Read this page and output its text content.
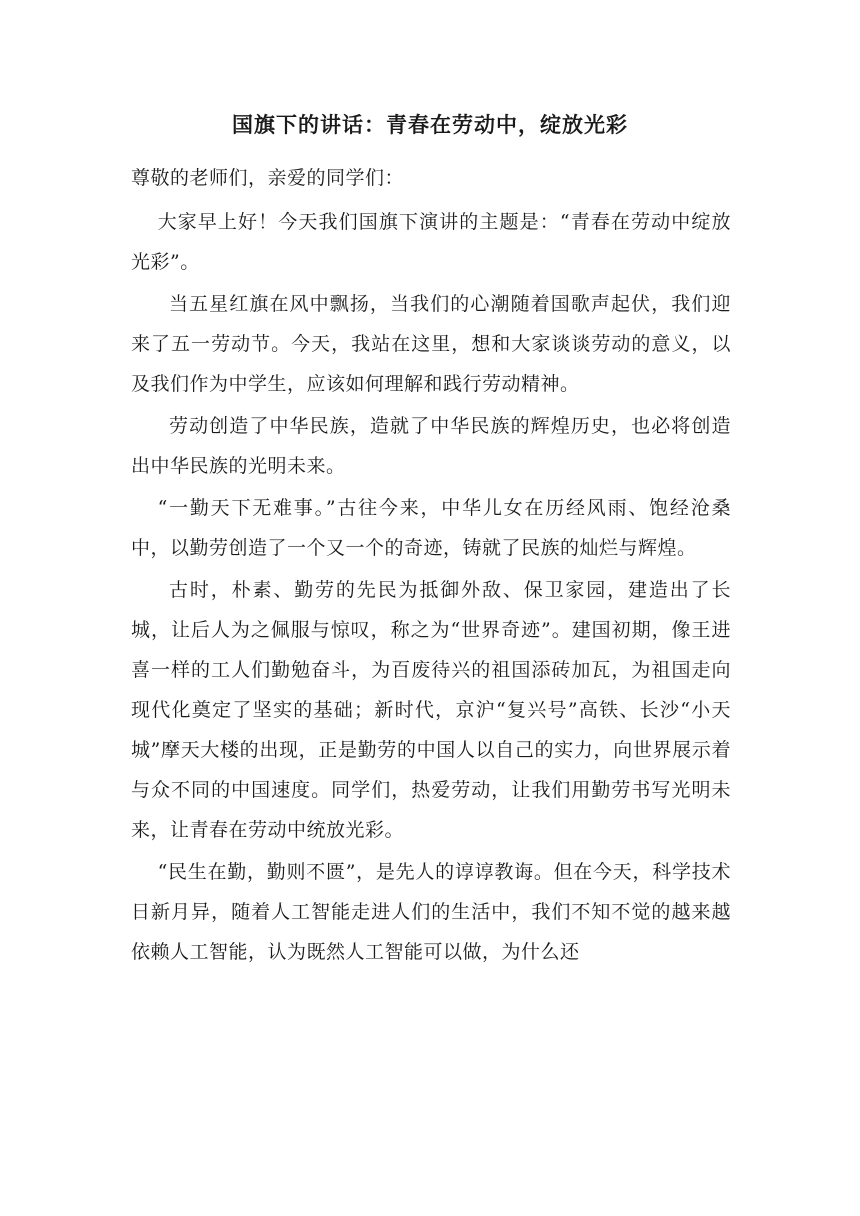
国旗下的讲话：青春在劳动中，绽放光彩

尊敬的老师们，亲爱的同学们：

大家早上好！今天我们国旗下演讲的主题是：“青春在劳动中绽放光彩”。

当五星红旗在风中飘扬，当我们的心潮随着国歌声起伏，我们迎来了五一劳动节。今天，我站在这里，想和大家谈谈劳动的意义，以及我们作为中学生，应该如何理解和践行劳动精神。

劳动创造了中华民族，造就了中华民族的辉煌历史，也必将创造出中华民族的光明未来。

“一勤天下无难事。”古往今来，中华儿女在历经风雨、饱经沧桑中，以勤劳创造了一个又一个的奇迹，铸就了民族的灿烂与辉煌。

古时，朴素、勤劳的先民为抵御外敌、保卫家园，建造出了长城，让后人为之佩服与惊叹，称之为“世界奇迹”。建国初期，像王进喜一样的工人们勤勉奋斗，为百废待兴的祖国添砖加瓦，为祖国走向现代化奠定了坚实的基础；新时代，京沪“复兴号”高铁、长沙“小天城”摩天大楼的出现，正是勤劳的中国人以自己的实力，向世界展示着与众不同的中国速度。同学们，热爱劳动，让我们用勤劳书写光明未来，让青春在劳动中统放光彩。

“民生在勤，勤则不匮”，是先人的谆谆教诲。但在今天，科学技术日新月异，随着人工智能走进人们的生活中，我们不知不觉的越来越依赖人工智能，认为既然人工智能可以做，为什么还
